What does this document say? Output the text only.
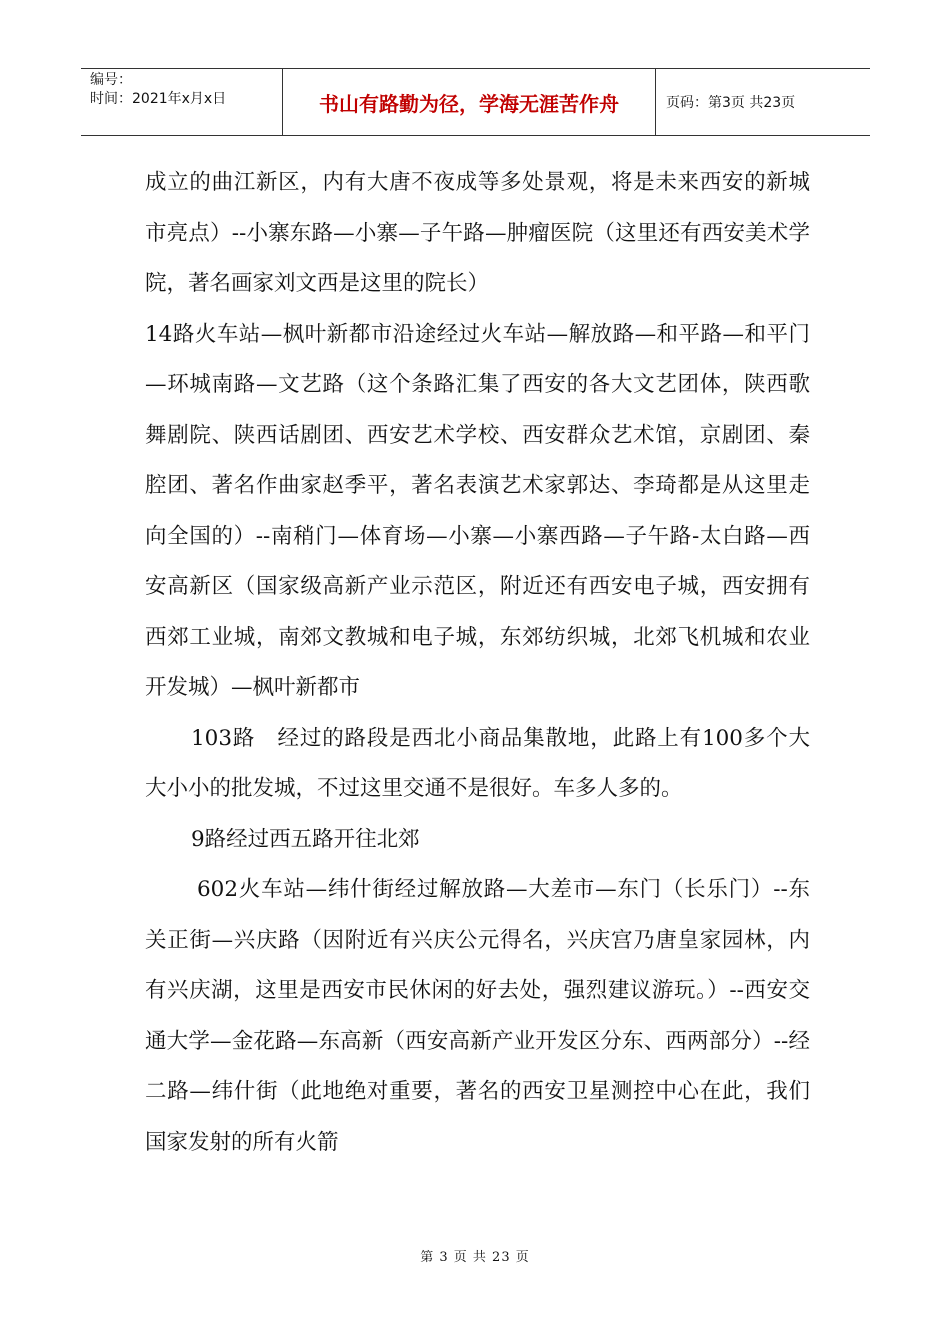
编号：
时间：2021年x月x日	书山有路勤为径，学海无涯苦作舟	页码：第3页 共23页

成立的曲江新区，内有大唐不夜成等多处景观，将是未来西安的新城市亮点）--小寨东路—小寨—子午路—肿瘤医院（这里还有西安美术学院，著名画家刘文西是这里的院长）

14路火车站—枫叶新都市沿途经过火车站—解放路—和平路—和平门—环城南路—文艺路（这个条路汇集了西安的各大文艺团体，陕西歌舞剧院、陕西话剧团、西安艺术学校、西安群众艺术馆，京剧团、秦腔团、著名作曲家赵季平，著名表演艺术家郭达、李琦都是从这里走向全国的）--南稍门—体育场—小寨—小寨西路—子午路-太白路—西安高新区（国家级高新产业示范区，附近还有西安电子城，西安拥有西郊工业城，南郊文教城和电子城，东郊纺织城，北郊飞机城和农业开发城）—枫叶新都市

103路　经过的路段是西北小商品集散地，此路上有100多个大大小小的批发城，不过这里交通不是很好。车多人多的。

9路经过西五路开往北郊

602火车站—纬什街经过解放路—大差市—东门（长乐门）--东关正街—兴庆路（因附近有兴庆公元得名，兴庆宫乃唐皇家园林，内有兴庆湖，这里是西安市民休闲的好去处，强烈建议游玩。）--西安交通大学—金花路—东高新（西安高新产业开发区分东、西两部分）--经二路—纬什街（此地绝对重要，著名的西安卫星测控中心在此，我们国家发射的所有火箭

第 3 页 共 23 页
